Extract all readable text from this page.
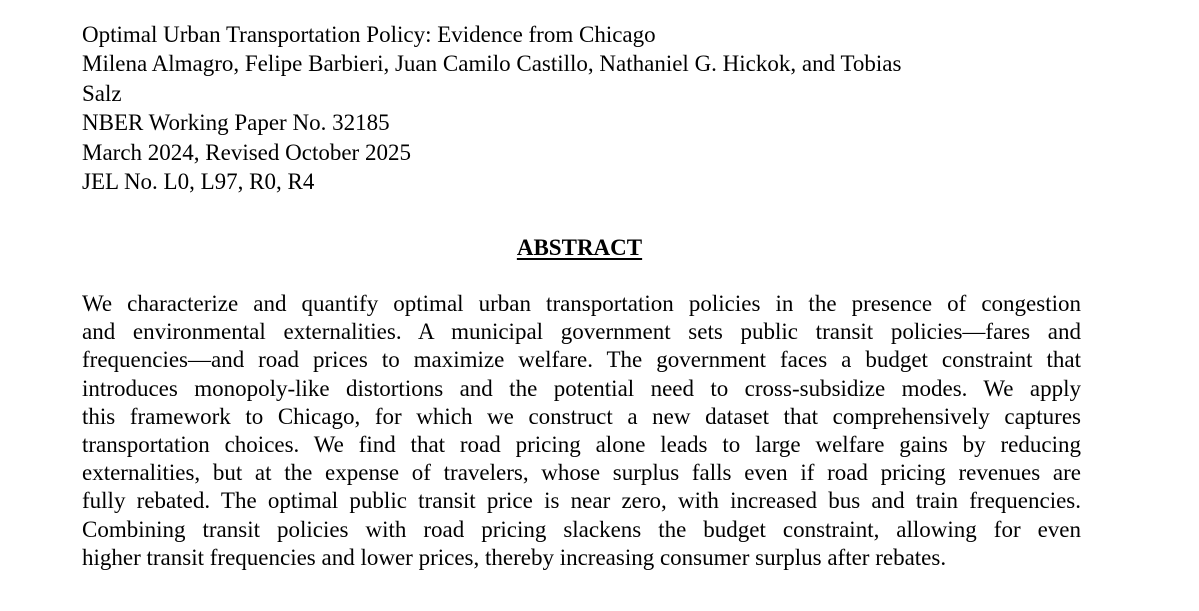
Optimal Urban Transportation Policy: Evidence from Chicago
Milena Almagro, Felipe Barbieri, Juan Camilo Castillo, Nathaniel G. Hickok, and Tobias
Salz
NBER Working Paper No. 32185
March 2024, Revised October 2025
JEL No. L0, L97, R0, R4
ABSTRACT
We characterize and quantify optimal urban transportation policies in the presence of congestion
and environmental externalities. A municipal government sets public transit policies—fares and
frequencies—and road prices to maximize welfare. The government faces a budget constraint that
introduces monopoly-like distortions and the potential need to cross-subsidize modes. We apply
this framework to Chicago, for which we construct a new dataset that comprehensively captures
transportation choices. We find that road pricing alone leads to large welfare gains by reducing
externalities, but at the expense of travelers, whose surplus falls even if road pricing revenues are
fully rebated. The optimal public transit price is near zero, with increased bus and train frequencies.
Combining transit policies with road pricing slackens the budget constraint, allowing for even
higher transit frequencies and lower prices, thereby increasing consumer surplus after rebates.
